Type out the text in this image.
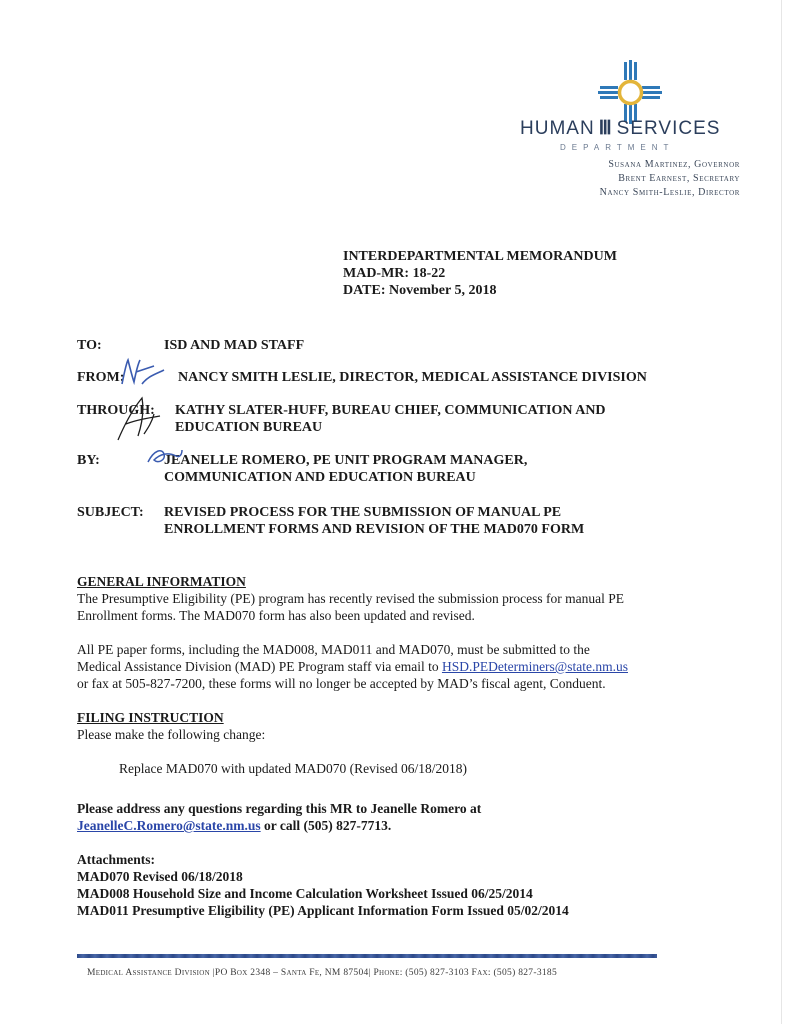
HUMAN Ⅲ SERVICES
DEPARTMENT
Susana Martinez, Governor
Brent Earnest, Secretary
Nancy Smith-Leslie, Director
INTERDEPARTMENTAL MEMORANDUM
MAD-MR: 18-22
DATE: November 5, 2018
TO:	ISD AND MAD STAFF
FROM:	NANCY SMITH LESLIE, DIRECTOR, MEDICAL ASSISTANCE DIVISION
THROUGH: KATHY SLATER-HUFF, BUREAU CHIEF, COMMUNICATION AND
EDUCATION BUREAU
BY:	JEANELLE ROMERO, PE UNIT PROGRAM MANAGER,
COMMUNICATION AND EDUCATION BUREAU
SUBJECT: REVISED PROCESS FOR THE SUBMISSION OF MANUAL PE
ENROLLMENT FORMS AND REVISION OF THE MAD070 FORM
GENERAL INFORMATION
The Presumptive Eligibility (PE) program has recently revised the submission process for manual PE
Enrollment forms. The MAD070 form has also been updated and revised.
All PE paper forms, including the MAD008, MAD011 and MAD070, must be submitted to the
Medical Assistance Division (MAD) PE Program staff via email to HSD.PEDeterminers@state.nm.us
or fax at 505-827-7200, these forms will no longer be accepted by MAD’s fiscal agent, Conduent.
FILING INSTRUCTION
Please make the following change:
Replace MAD070 with updated MAD070 (Revised 06/18/2018)
Please address any questions regarding this MR to Jeanelle Romero at
JeanelleC.Romero@state.nm.us or call (505) 827-7713.
Attachments:
MAD070 Revised 06/18/2018
MAD008 Household Size and Income Calculation Worksheet Issued 06/25/2014
MAD011 Presumptive Eligibility (PE) Applicant Information Form Issued 05/02/2014
Medical Assistance Division |PO Box 2348 – Santa Fe, NM 87504| Phone: (505) 827-3103 Fax: (505) 827-3185
